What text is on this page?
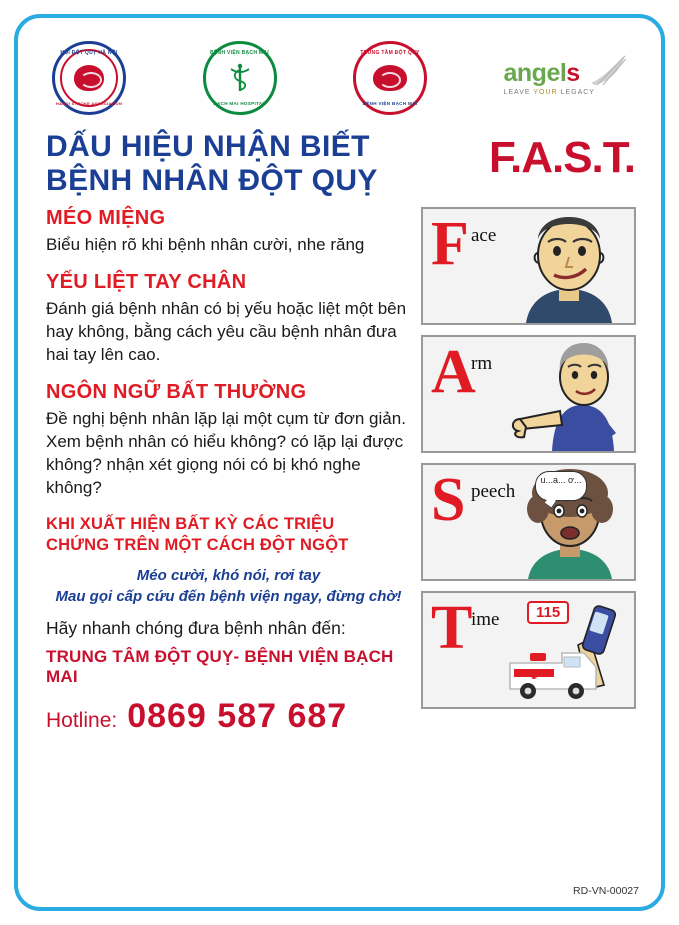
HỘI ĐỘT QUỴ HÀ NỘI
HANOI STROKE ASSOCIATION
BỆNH VIỆN BẠCH MAI
BACH MAI HOSPITAL
TRUNG TÂM ĐỘT QUỴ
BỆNH VIỆN BẠCH MAI
angels
LEAVE YOUR LEGACY
DẤU HIỆU NHẬN BIẾT
BỆNH NHÂN ĐỘT QUỴ	F.A.S.T.
MÉO MIỆNG

Biểu hiện rõ khi bệnh nhân cười, nhe răng

YẾU LIỆT TAY CHÂN

Đánh giá bệnh nhân có bị yếu hoặc liệt một bên hay không, bằng cách yêu cầu bệnh nhân đưa hai tay lên cao.

NGÔN NGỮ BẤT THƯỜNG

Đề nghị bệnh nhân lặp lại một cụm từ đơn giản. Xem bệnh nhân có hiểu không? có lặp lại được không? nhận xét giọng nói có bị khó nghe không?

KHI XUẤT HIỆN BẤT KỲ CÁC TRIỆU
CHỨNG TRÊN MỘT CÁCH ĐỘT NGỘT
Méo cười, khó nói, rơi tay
Mau gọi cấp cứu đến bệnh viện ngay, đừng chờ!
Hãy nhanh chóng đưa bệnh nhân đến:
TRUNG TÂM ĐỘT QUỴ- BỆNH VIỆN BẠCH MAI
Hotline: 0869 587 687
F ace
A
rm
S peech
u...a... ơ...
T
ime	115
RD-VN-00027
